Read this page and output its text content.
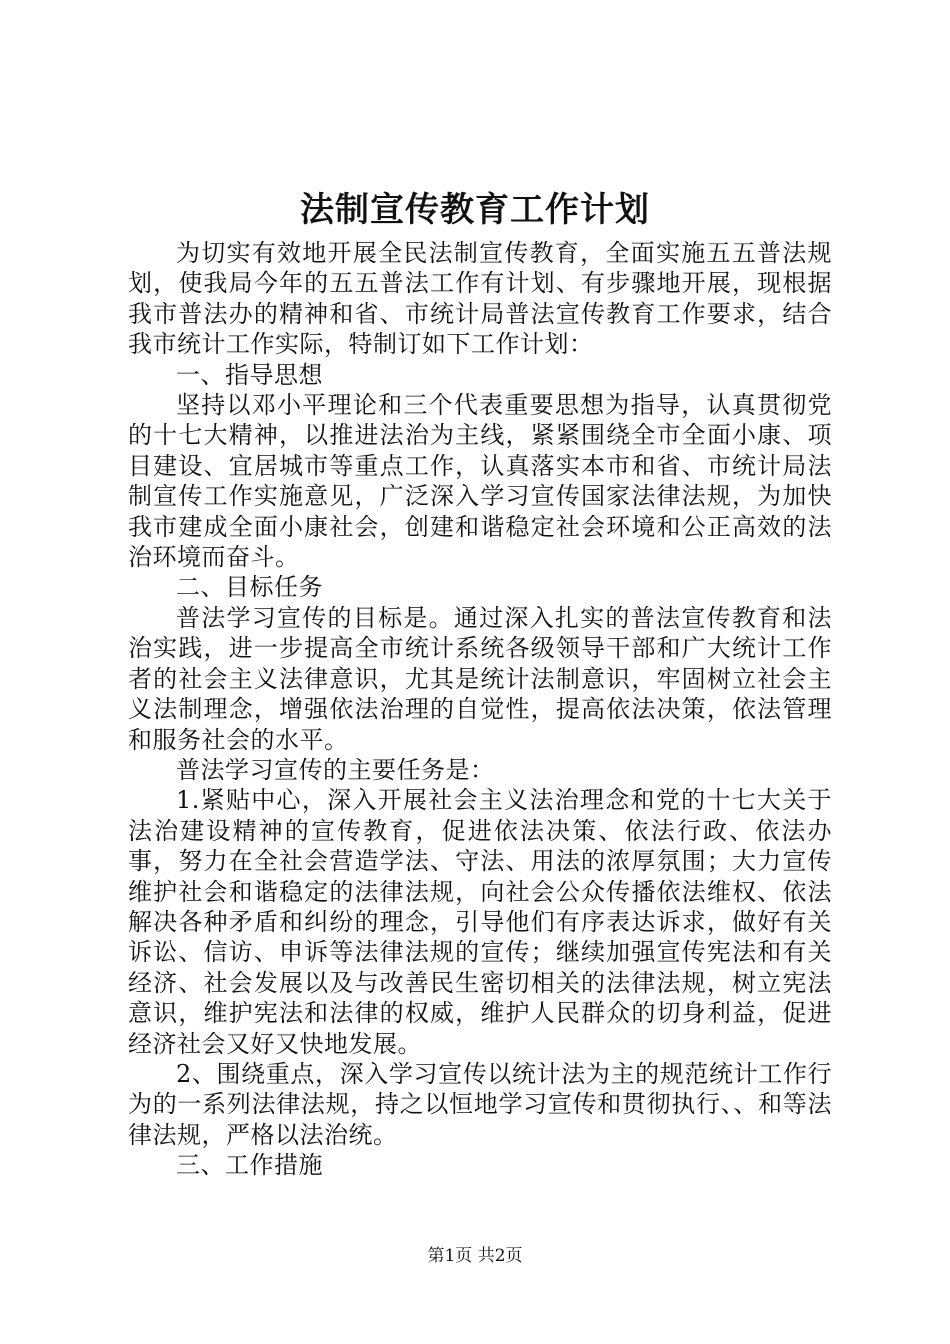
法制宣传教育工作计划

为切实有效地开展全民法制宣传教育，全面实施五五普法规划，使我局今年的五五普法工作有计划、有步骤地开展，现根据我市普法办的精神和省、市统计局普法宣传教育工作要求，结合我市统计工作实际，特制订如下工作计划：

一、指导思想

坚持以邓小平理论和三个代表重要思想为指导，认真贯彻党的十七大精神，以推进法治为主线，紧紧围绕全市全面小康、项目建设、宜居城市等重点工作，认真落实本市和省、市统计局法制宣传工作实施意见，广泛深入学习宣传国家法律法规，为加快我市建成全面小康社会，创建和谐稳定社会环境和公正高效的法治环境而奋斗。

二、目标任务

普法学习宣传的目标是。通过深入扎实的普法宣传教育和法治实践，进一步提高全市统计系统各级领导干部和广大统计工作者的社会主义法律意识，尤其是统计法制意识，牢固树立社会主义法制理念，增强依法治理的自觉性，提高依法决策，依法管理和服务社会的水平。

普法学习宣传的主要任务是：

1.紧贴中心，深入开展社会主义法治理念和党的十七大关于法治建设精神的宣传教育，促进依法决策、依法行政、依法办事，努力在全社会营造学法、守法、用法的浓厚氛围；大力宣传维护社会和谐稳定的法律法规，向社会公众传播依法维权、依法解决各种矛盾和纠纷的理念，引导他们有序表达诉求，做好有关诉讼、信访、申诉等法律法规的宣传；继续加强宣传宪法和有关经济、社会发展以及与改善民生密切相关的法律法规，树立宪法意识，维护宪法和法律的权威，维护人民群众的切身利益，促进经济社会又好又快地发展。

2、围绕重点，深入学习宣传以统计法为主的规范统计工作行为的一系列法律法规，持之以恒地学习宣传和贯彻执行、、和等法律法规，严格以法治统。

三、工作措施

第1页 共2页
